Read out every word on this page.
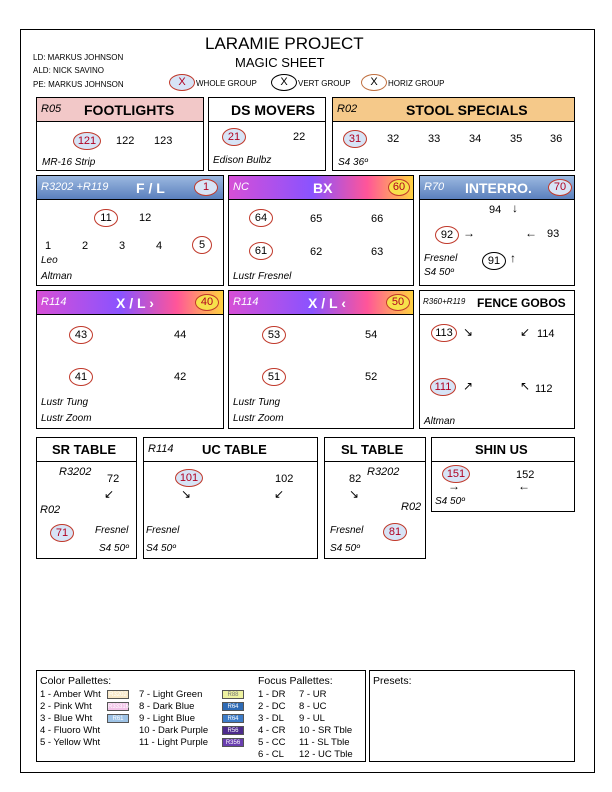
LARAMIE PROJECT
MAGIC SHEET
LD: MARKUS JOHNSON
ALD: NICK SAVINO
PE: MARKUS JOHNSON	X	WHOLE GROUP	X	VERT GROUP	X	HORIZ GROUP
R05 FOOTLIGHTS
121	122 123
MR-16 Strip
DS MOVERS
21	22
Edison Bulbz
R02	STOOL SPECIALS
31	32	33	34	35	36
S4 36º
R3202 +R119 F / L	1
11	12
1	2	3	4	5
Leo
Altman
NC	BX	60
64	65	66
61	62	63
Lustr Fresnel
R70 INTERRO.	70
94 ↓
92 →	← 93
91 ↑
Fresnel
S4 50º
R114	X / L ›	40
43	44
41	42
Lustr Tung
Lustr Zoom
R114	X / L ‹	50
53	54
51	52
Lustr Tung
Lustr Zoom
R360+R119 FENCE GOBOS
113 ↘	↙ 114
111 ↗	↖ 112
Altman
SR TABLE
R3202
72
↙
R02
71	Fresnel
S4 50º
R114 UC TABLE
101
↘
102
↙
Fresnel
S4 50º
SL TABLE
82
R3202
↘
R02
Fresnel
S4 50º
81
SHIN US
151
→
152
←
S4 50º
Color Pallettes:
1 - Amber Wht
2 - Pink Wht
3 - Blue Wht
4 - Fluoro Wht
5 - Yellow Wht
R3202
R33316
R61
7 - Light Green
8 - Dark Blue
9 - Light Blue
10 - Dark Purple
11 - Light Purple
R88
R64
R64
R56
R356
Focus Pallettes:
1 - DR
2 - DC
3 - DL
4 - CR
5 - CC
6 - CL
7 - UR
8 - UC
9 - UL
10 - SR Tble
11 - SL Tble
12 - UC Tble
Presets:
